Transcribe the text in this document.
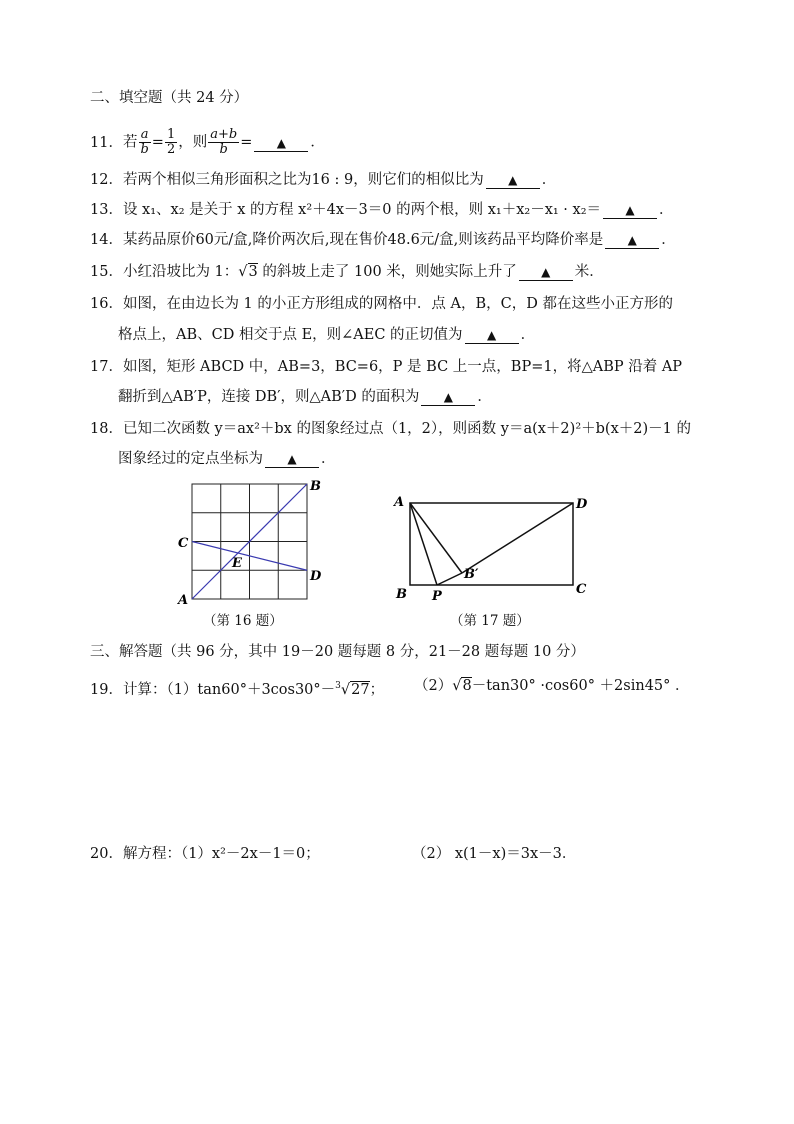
二、填空题（共 24 分）
11．若 $\frac{a}{b} = \frac{1}{2}$ ，则 $\frac{a+b}{b}$ = ▲ ．
12．若两个相似三角形面积之比为16 : 9，则它们的相似比为 ▲ ．
13．设 x₁、x₂ 是关于 x 的方程 x²＋4x－3＝0 的两个根，则 x₁＋x₂－x₁ · x₂＝ ▲ ．
14．某药品原价60元/盒,降价两次后,现在售价48.6元/盒,则该药品平均降价率是 ▲ ．
15．小红沿坡比为 1：√3 的斜坡上走了 100 米，则她实际上升了 ▲ 米．
16．如图，在由边长为 1 的小正方形组成的网格中．点 A，B，C，D 都在这些小正方形的
格点上，AB、CD 相交于点 E，则∠AEC 的正切值为 ▲ ．
17．如图，矩形 ABCD 中，AB=3，BC=6，P 是 BC 上一点，BP=1，将△ABP 沿着 AP
翻折到△AB′P，连接 DB′，则△AB′D 的面积为 ▲ ．
18．已知二次函数 y＝ax²＋bx 的图象经过点（1，2），则函数 y＝a(x＋2)²＋b(x＋2)－1 的
图象经过的定点坐标为 ▲ ．
A
B
C
D
E
（第 16 题）
A
B	C
D
P
B′
（第 17 题）
三、解答题（共 96 分，其中 19－20 题每题 8 分，21－28 题每题 10 分）
19．计算：（1）tan60°＋3cos30°－$^3$√27； （2）√8－tan30° ·cos60° ＋2sin45° ．
20．解方程：（1）x²－2x－1＝0；	（2） x(1－x)＝3x－3．
